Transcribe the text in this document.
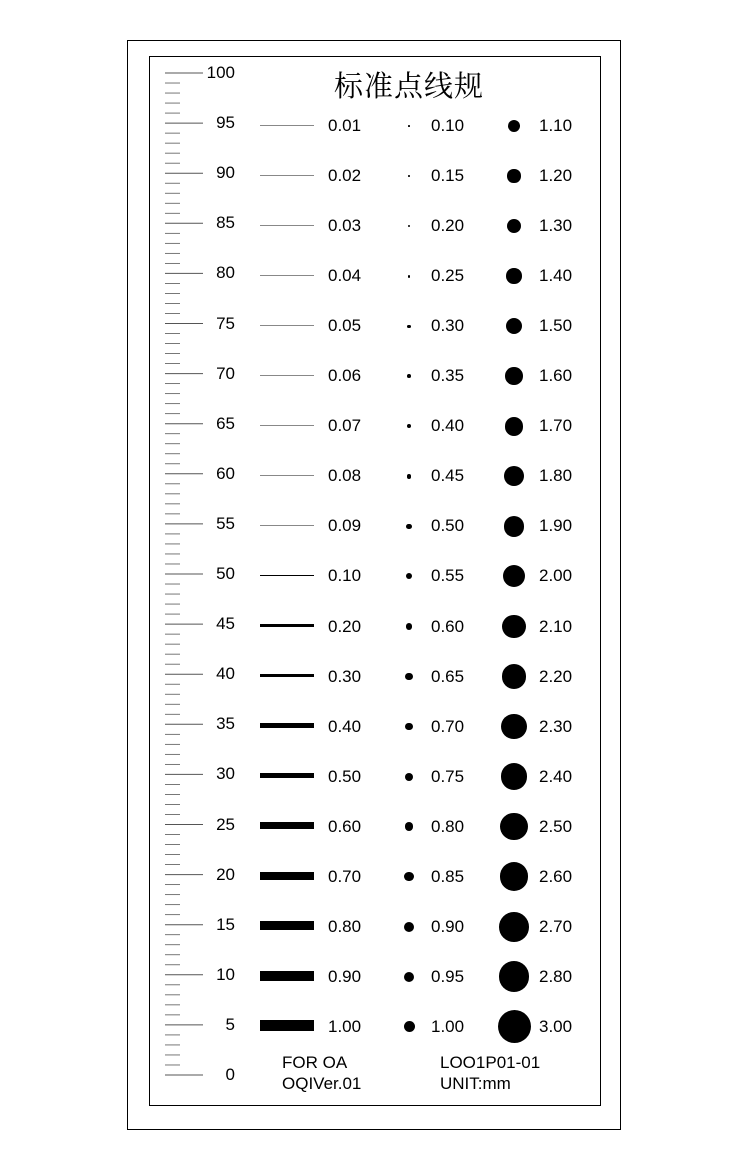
标准点线规
100
95
90
85
80
75
70
65
60
55
50
45
40
35
30
25
20
15
10
5
0
0.01
0.02
0.03
0.04
0.05
0.06
0.07
0.08
0.09
0.10
0.20
0.30
0.40
0.50
0.60
0.70
0.80
0.90
1.00
0.10
0.15
0.20
0.25
0.30
0.35
0.40
0.45
0.50
0.55
0.60
0.65
0.70
0.75
0.80
0.85
0.90
0.95
1.00
1.10
1.20
1.30
1.40
1.50
1.60
1.70
1.80
1.90
2.00
2.10
2.20
2.30
2.40
2.50
2.60
2.70
2.80
3.00
FOR OA
OQIVer.01
LOO1P01-01
UNIT:mm
